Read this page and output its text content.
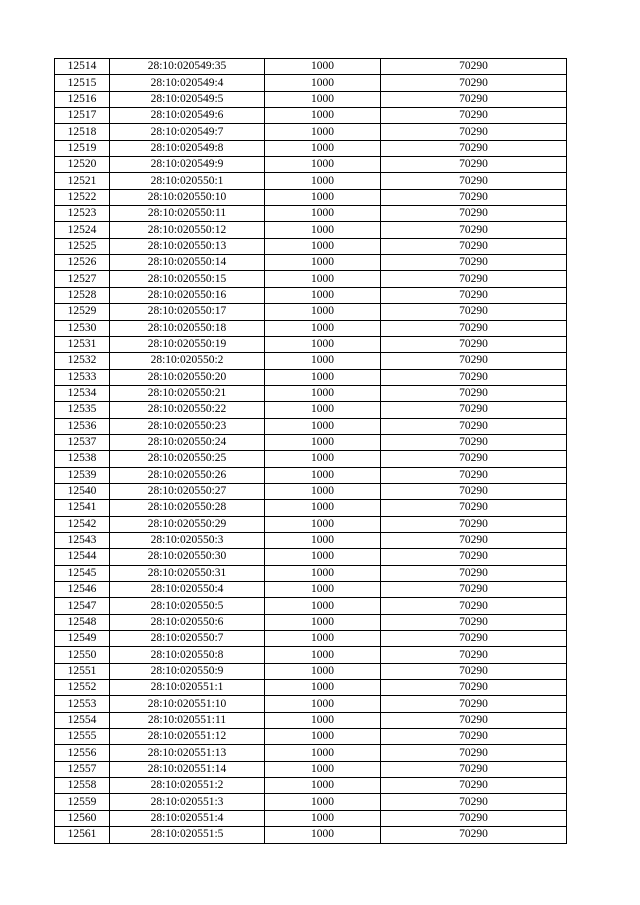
12514	28:10:020549:35	1000	70290
12515	28:10:020549:4	1000	70290
12516	28:10:020549:5	1000	70290
12517	28:10:020549:6	1000	70290
12518	28:10:020549:7	1000	70290
12519	28:10:020549:8	1000	70290
12520	28:10:020549:9	1000	70290
12521	28:10:020550:1	1000	70290
12522	28:10:020550:10	1000	70290
12523	28:10:020550:11	1000	70290
12524	28:10:020550:12	1000	70290
12525	28:10:020550:13	1000	70290
12526	28:10:020550:14	1000	70290
12527	28:10:020550:15	1000	70290
12528	28:10:020550:16	1000	70290
12529	28:10:020550:17	1000	70290
12530	28:10:020550:18	1000	70290
12531	28:10:020550:19	1000	70290
12532	28:10:020550:2	1000	70290
12533	28:10:020550:20	1000	70290
12534	28:10:020550:21	1000	70290
12535	28:10:020550:22	1000	70290
12536	28:10:020550:23	1000	70290
12537	28:10:020550:24	1000	70290
12538	28:10:020550:25	1000	70290
12539	28:10:020550:26	1000	70290
12540	28:10:020550:27	1000	70290
12541	28:10:020550:28	1000	70290
12542	28:10:020550:29	1000	70290
12543	28:10:020550:3	1000	70290
12544	28:10:020550:30	1000	70290
12545	28:10:020550:31	1000	70290
12546	28:10:020550:4	1000	70290
12547	28:10:020550:5	1000	70290
12548	28:10:020550:6	1000	70290
12549	28:10:020550:7	1000	70290
12550	28:10:020550:8	1000	70290
12551	28:10:020550:9	1000	70290
12552	28:10:020551:1	1000	70290
12553	28:10:020551:10	1000	70290
12554	28:10:020551:11	1000	70290
12555	28:10:020551:12	1000	70290
12556	28:10:020551:13	1000	70290
12557	28:10:020551:14	1000	70290
12558	28:10:020551:2	1000	70290
12559	28:10:020551:3	1000	70290
12560	28:10:020551:4	1000	70290
12561	28:10:020551:5	1000	70290
